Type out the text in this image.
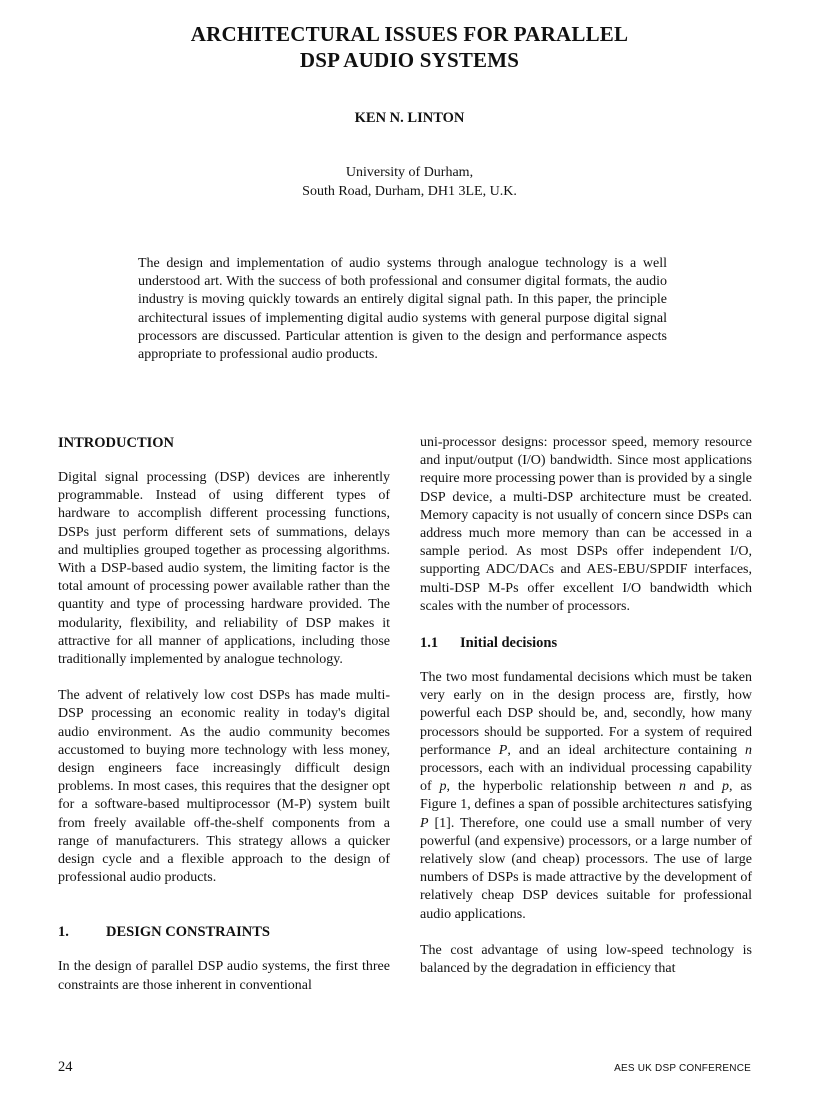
ARCHITECTURAL ISSUES FOR PARALLEL
DSP AUDIO SYSTEMS
KEN N. LINTON
University of Durham,
South Road, Durham, DH1 3LE, U.K.
The design and implementation of audio systems through analogue technology is a well understood art. With the success of both professional and consumer digital formats, the audio industry is moving quickly towards an entirely digital signal path. In this paper, the principle architectural issues of implementing digital audio systems with general purpose digital signal processors are discussed. Particular attention is given to the design and performance aspects appropriate to professional audio products.
INTRODUCTION

Digital signal processing (DSP) devices are inherently programmable. Instead of using different types of hardware to accomplish different processing functions, DSPs just perform different sets of summations, delays and multiplies grouped together as processing algorithms. With a DSP-based audio system, the limiting factor is the total amount of processing power available rather than the quantity and type of processing hardware provided. The modularity, flexibility, and reliability of DSP makes it attractive for all manner of applications, including those traditionally implemented by analogue technology.

The advent of relatively low cost DSPs has made multi-DSP processing an economic reality in today's digital audio environment. As the audio community becomes accustomed to buying more technology with less money, design engineers face increasingly difficult design problems. In most cases, this requires that the designer opt for a software-based multiprocessor (M-P) system built from freely available off-the-shelf components from a range of manufacturers. This strategy allows a quicker design cycle and a flexible approach to the design of professional audio products.

1.	DESIGN CONSTRAINTS

In the design of parallel DSP audio systems, the first three constraints are those inherent in conventional

uni-processor designs: processor speed, memory resource and input/output (I/O) bandwidth. Since most applications require more processing power than is provided by a single DSP device, a multi-DSP architecture must be created. Memory capacity is not usually of concern since DSPs can address much more memory than can be accessed in a sample period. As most DSPs offer independent I/O, supporting ADC/DACs and AES-EBU/SPDIF interfaces, multi-DSP M-Ps offer excellent I/O bandwidth which scales with the number of processors.

1.1 Initial decisions

The two most fundamental decisions which must be taken very early on in the design process are, firstly, how powerful each DSP should be, and, secondly, how many processors should be supported. For a system of required performance P, and an ideal architecture containing n processors, each with an individual processing capability of p, the hyperbolic relationship between n and p, as Figure 1, defines a span of possible architectures satisfying P [1]. Therefore, one could use a small number of very powerful (and expensive) processors, or a large number of relatively slow (and cheap) processors. The use of large numbers of DSPs is made attractive by the development of relatively cheap DSP devices suitable for professional audio applications.

The cost advantage of using low-speed technology is balanced by the degradation in efficiency that

24	AES UK DSP CONFERENCE
